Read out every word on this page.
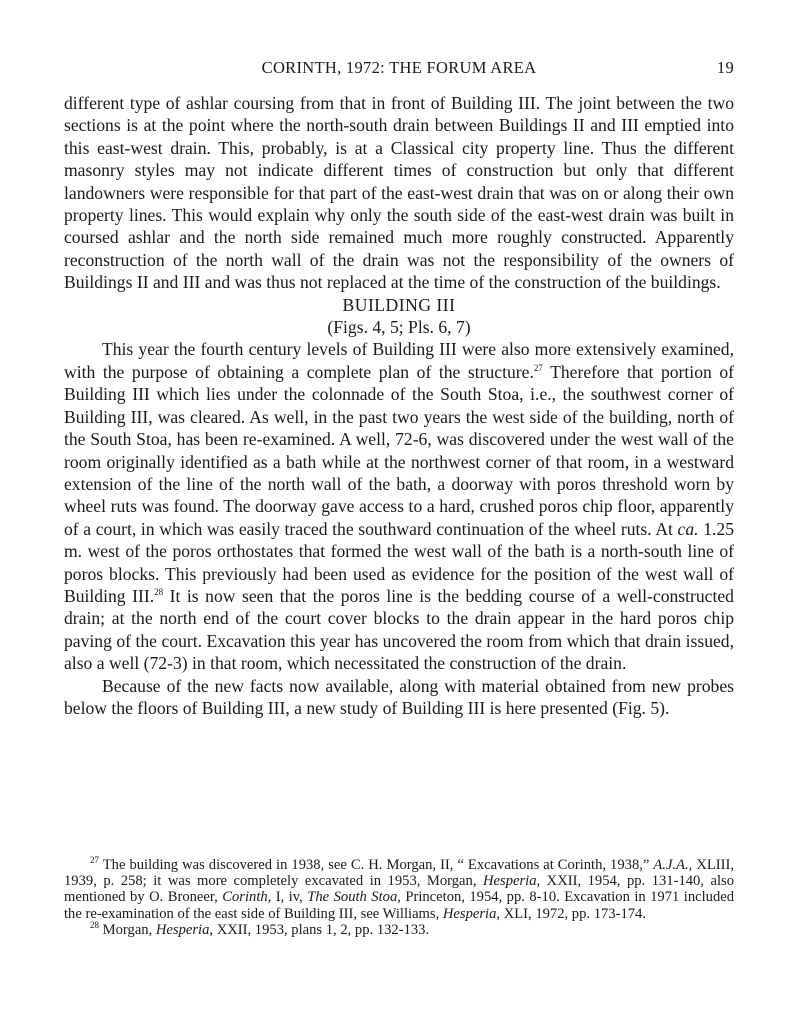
CORINTH, 1972: THE FORUM AREA	19

different type of ashlar coursing from that in front of Building III. The joint between the two sections is at the point where the north-south drain between Buildings II and III emptied into this east-west drain. This, probably, is at a Classical city property line. Thus the different masonry styles may not indicate different times of construction but only that different landowners were responsible for that part of the east-west drain that was on or along their own property lines. This would explain why only the south side of the east-west drain was built in coursed ashlar and the north side remained much more roughly constructed. Apparently reconstruction of the north wall of the drain was not the responsibility of the owners of Buildings II and III and was thus not replaced at the time of the construction of the buildings.

BUILDING III

(Figs. 4, 5; Pls. 6, 7)

This year the fourth century levels of Building III were also more extensively examined, with the purpose of obtaining a complete plan of the structure.$^{27}$ Therefore that portion of Building III which lies under the colonnade of the South Stoa, i.e., the southwest corner of Building III, was cleared. As well, in the past two years the west side of the building, north of the South Stoa, has been re-examined. A well, 72-6, was discovered under the west wall of the room originally identified as a bath while at the northwest corner of that room, in a westward extension of the line of the north wall of the bath, a doorway with poros threshold worn by wheel ruts was found. The doorway gave access to a hard, crushed poros chip floor, apparently of a court, in which was easily traced the southward continuation of the wheel ruts. At ca. 1.25 m. west of the poros orthostates that formed the west wall of the bath is a north-south line of poros blocks. This previously had been used as evidence for the position of the west wall of Building III.$^{28}$ It is now seen that the poros line is the bedding course of a well-constructed drain; at the north end of the court cover blocks to the drain appear in the hard poros chip paving of the court. Excavation this year has uncovered the room from which that drain issued, also a well (72-3) in that room, which necessitated the construction of the drain.

Because of the new facts now available, along with material obtained from new probes below the floors of Building III, a new study of Building III is here presented (Fig. 5).

$^{27}$ The building was discovered in 1938, see C. H. Morgan, II, “ Excavations at Corinth, 1938,” A.J.A., XLIII, 1939, p. 258; it was more completely excavated in 1953, Morgan, Hesperia, XXII, 1954, pp. 131-140, also mentioned by O. Broneer, Corinth, I, iv, The South Stoa, Princeton, 1954, pp. 8-10. Excavation in 1971 included the re-examination of the east side of Building III, see Williams, Hesperia, XLI, 1972, pp. 173-174.

$^{28}$ Morgan, Hesperia, XXII, 1953, plans 1, 2, pp. 132-133.
